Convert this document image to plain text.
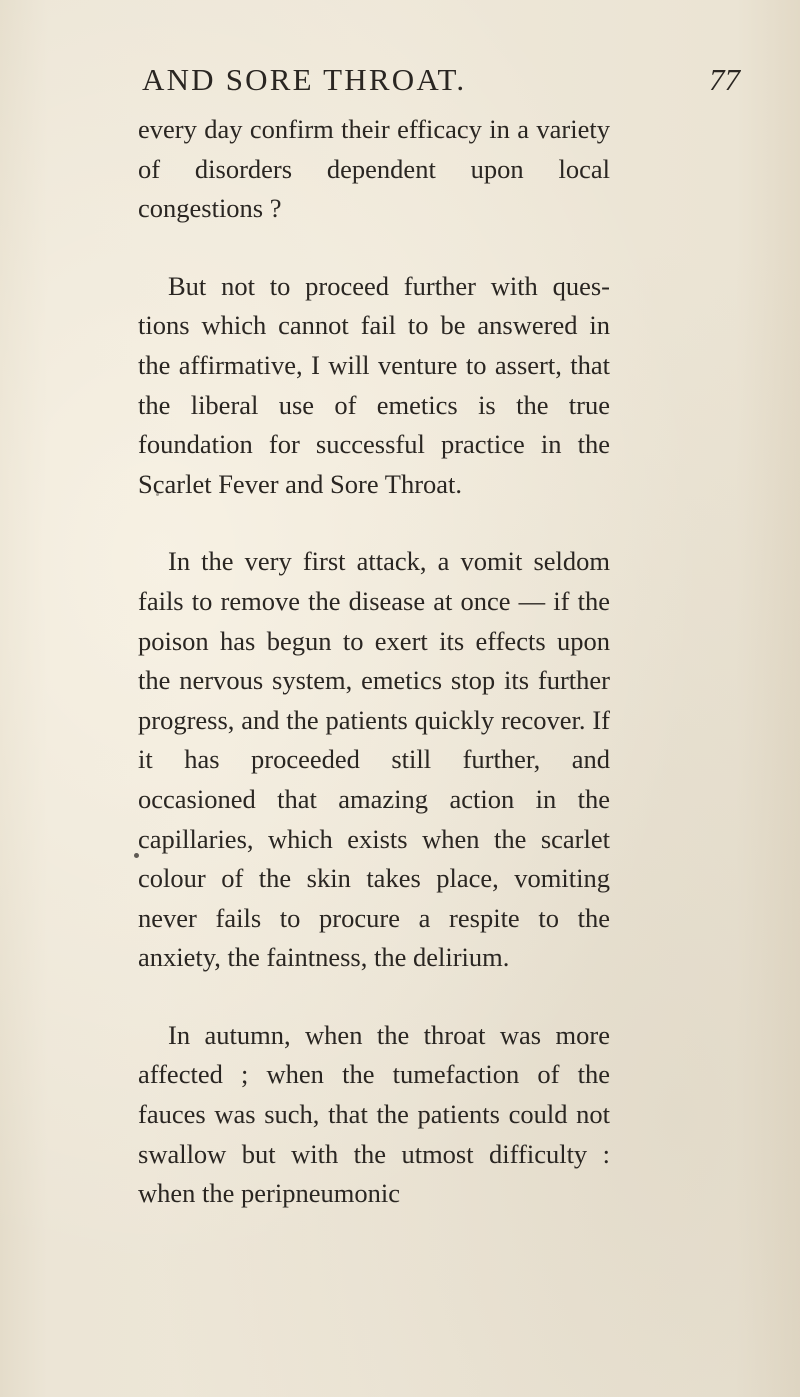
AND SORE THROAT.	77

every day confirm their efficacy in a variety of disorders dependent upon local congestions ?

But not to proceed further with ques- tions which cannot fail to be answered in the affirmative, I will venture to assert, that the liberal use of emetics is the true foundation for successful practice in the Scarlet Fever and Sore Throat.

In the very first attack, a vomit seldom fails to remove the disease at once — if the poison has begun to exert its effects upon the nervous system, emetics stop its further progress, and the patients quickly recover. If it has proceeded still further, and occasioned that amazing action in the capillaries, which exists when the scarlet colour of the skin takes place, vomiting never fails to procure a respite to the anxiety, the faintness, the delirium.

In autumn, when the throat was more affected ; when the tumefaction of the fauces was such, that the patients could not swallow but with the utmost difficulty : when the peripneumonic
